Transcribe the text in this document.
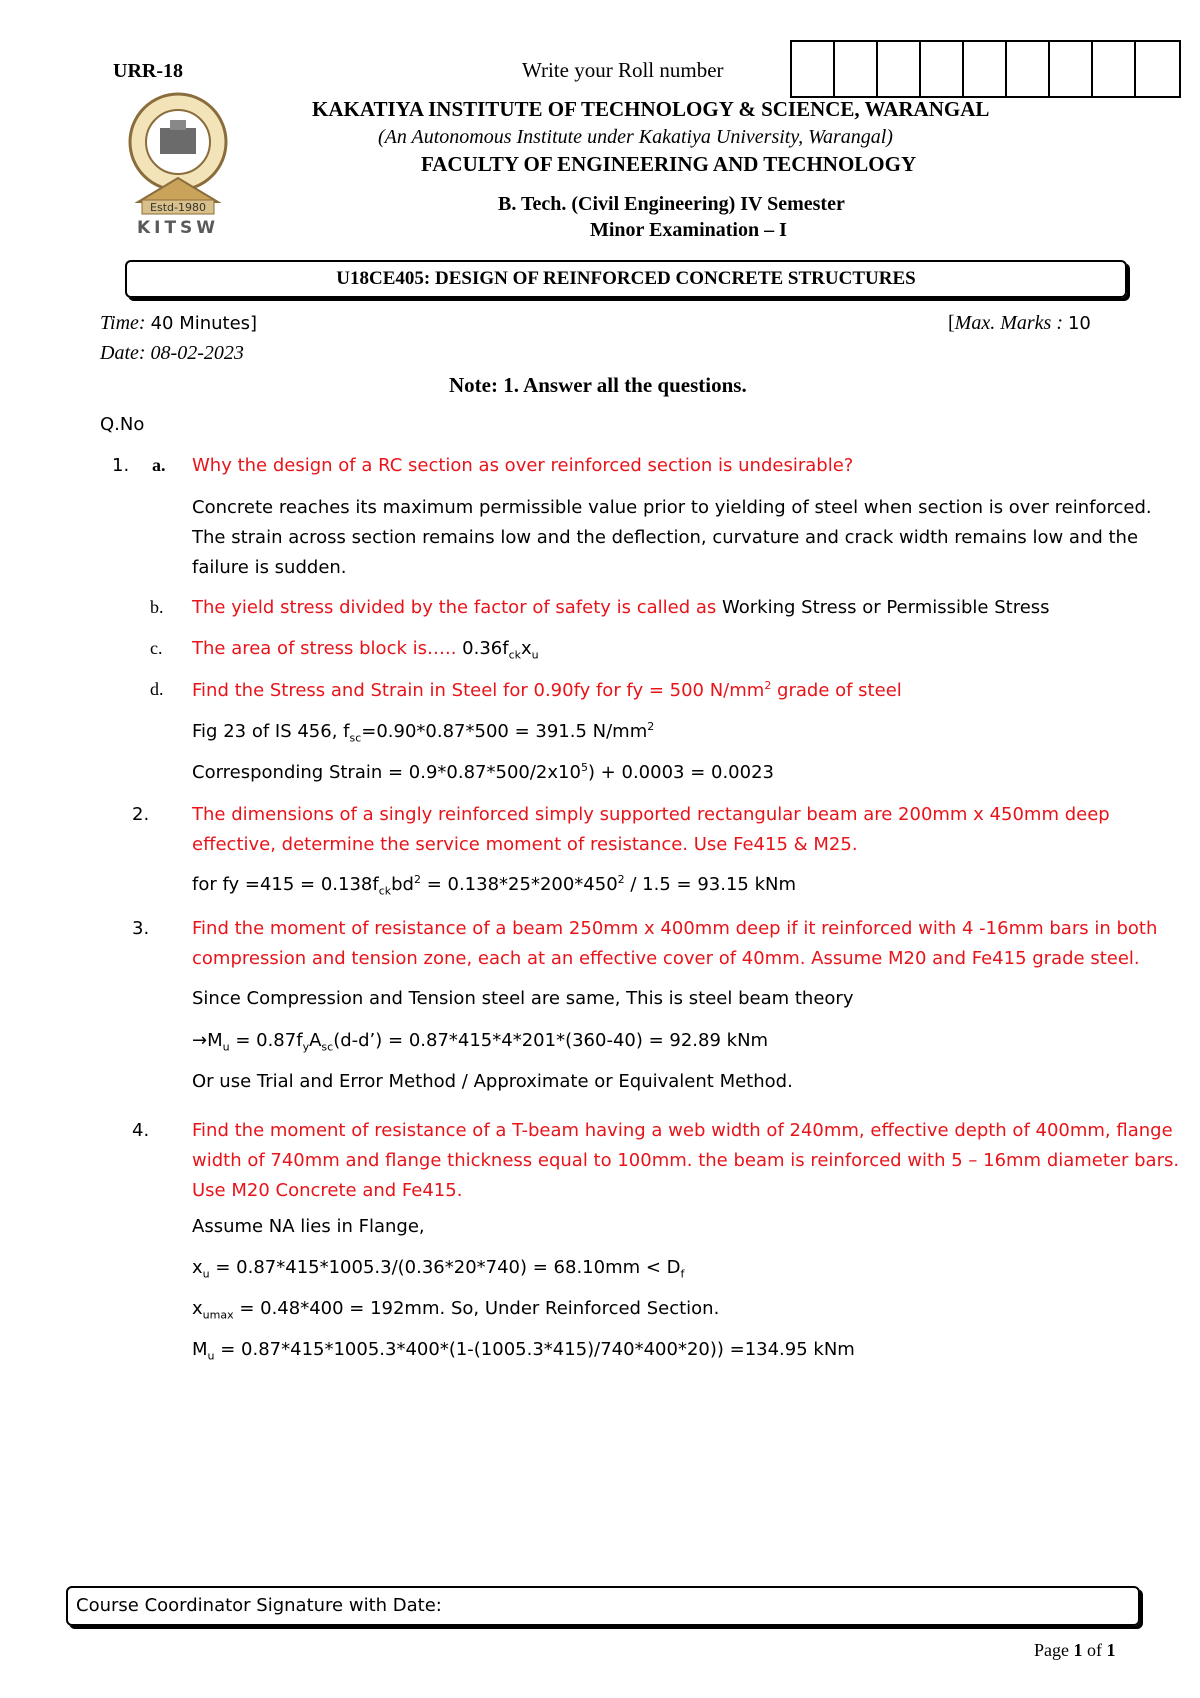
URR-18	Write your Roll number
Estd-1980
KITSW
KAKATIYA INSTITUTE OF TECHNOLOGY & SCIENCE, WARANGAL
(An Autonomous Institute under Kakatiya University, Warangal)
FACULTY OF ENGINEERING AND TECHNOLOGY
B. Tech. (Civil Engineering) IV Semester
Minor Examination – I
U18CE405: DESIGN OF REINFORCED CONCRETE STRUCTURES
Time: 40 Minutes]	[Max. Marks : 10
Date: 08-02-2023
Note: 1. Answer all the questions.
Q.No
1. a. Why the design of a RC section as over reinforced section is undesirable?
Concrete reaches its maximum permissible value prior to yielding of steel when section is over reinforced.
The strain across section remains low and the deflection, curvature and crack width remains low and the
failure is sudden.
b. The yield stress divided by the factor of safety is called as Working Stress or Permissible Stress
c. The area of stress block is….. $0.36f_{ck}x_u$
d. Find the Stress and Strain in Steel for 0.90fy for fy = 500 $N/mm^2$ grade of steel
Fig 23 of IS 456, $f_{sc}=0.90*0.87*500 = 391.5$ $N/mm^2$
Corresponding Strain = $0.9*0.87*500/2x10^5) + 0.0003 = 0.0023$
2. The dimensions of a singly reinforced simply supported rectangular beam are 200mm x 450mm deep
effective, determine the service moment of resistance. Use Fe415 & M25.
for fy $=415 = 0.138f_{ck}bd^2 = 0.138*25*200*450^2 / 1.5 = 93.15$ kNm
3. Find the moment of resistance of a beam 250mm x 400mm deep if it reinforced with 4 -16mm bars in both
compression and tension zone, each at an effective cover of 40mm. Assume M20 and Fe415 grade steel.
Since Compression and Tension steel are same, This is steel beam theory
$\to M_u$ = $0.87f_yA_{sc}(d-d’) = 0.87*415*4*201*(360-40) = 92.89$ kNm
Or use Trial and Error Method / Approximate or Equivalent Method.
4. Find the moment of resistance of a T-beam having a web width of 240mm, effective depth of 400mm, flange
width of 740mm and flange thickness equal to 100mm. the beam is reinforced with 5 – 16mm diameter bars.
Use M20 Concrete and Fe415.
Assume NA lies in Flange,
$x_u = 0.87*415*1005.3/(0.36*20*740) = 68.10mm < D_f$
$x_{umax} = 0.48*400 = 192mm$. So, Under Reinforced Section.
$M_u = 0.87*415*1005.3*400*(1-(1005.3*415)/740*400*20)) =134.95$ kNm
Course Coordinator Signature with Date:
Page 1 of 1
